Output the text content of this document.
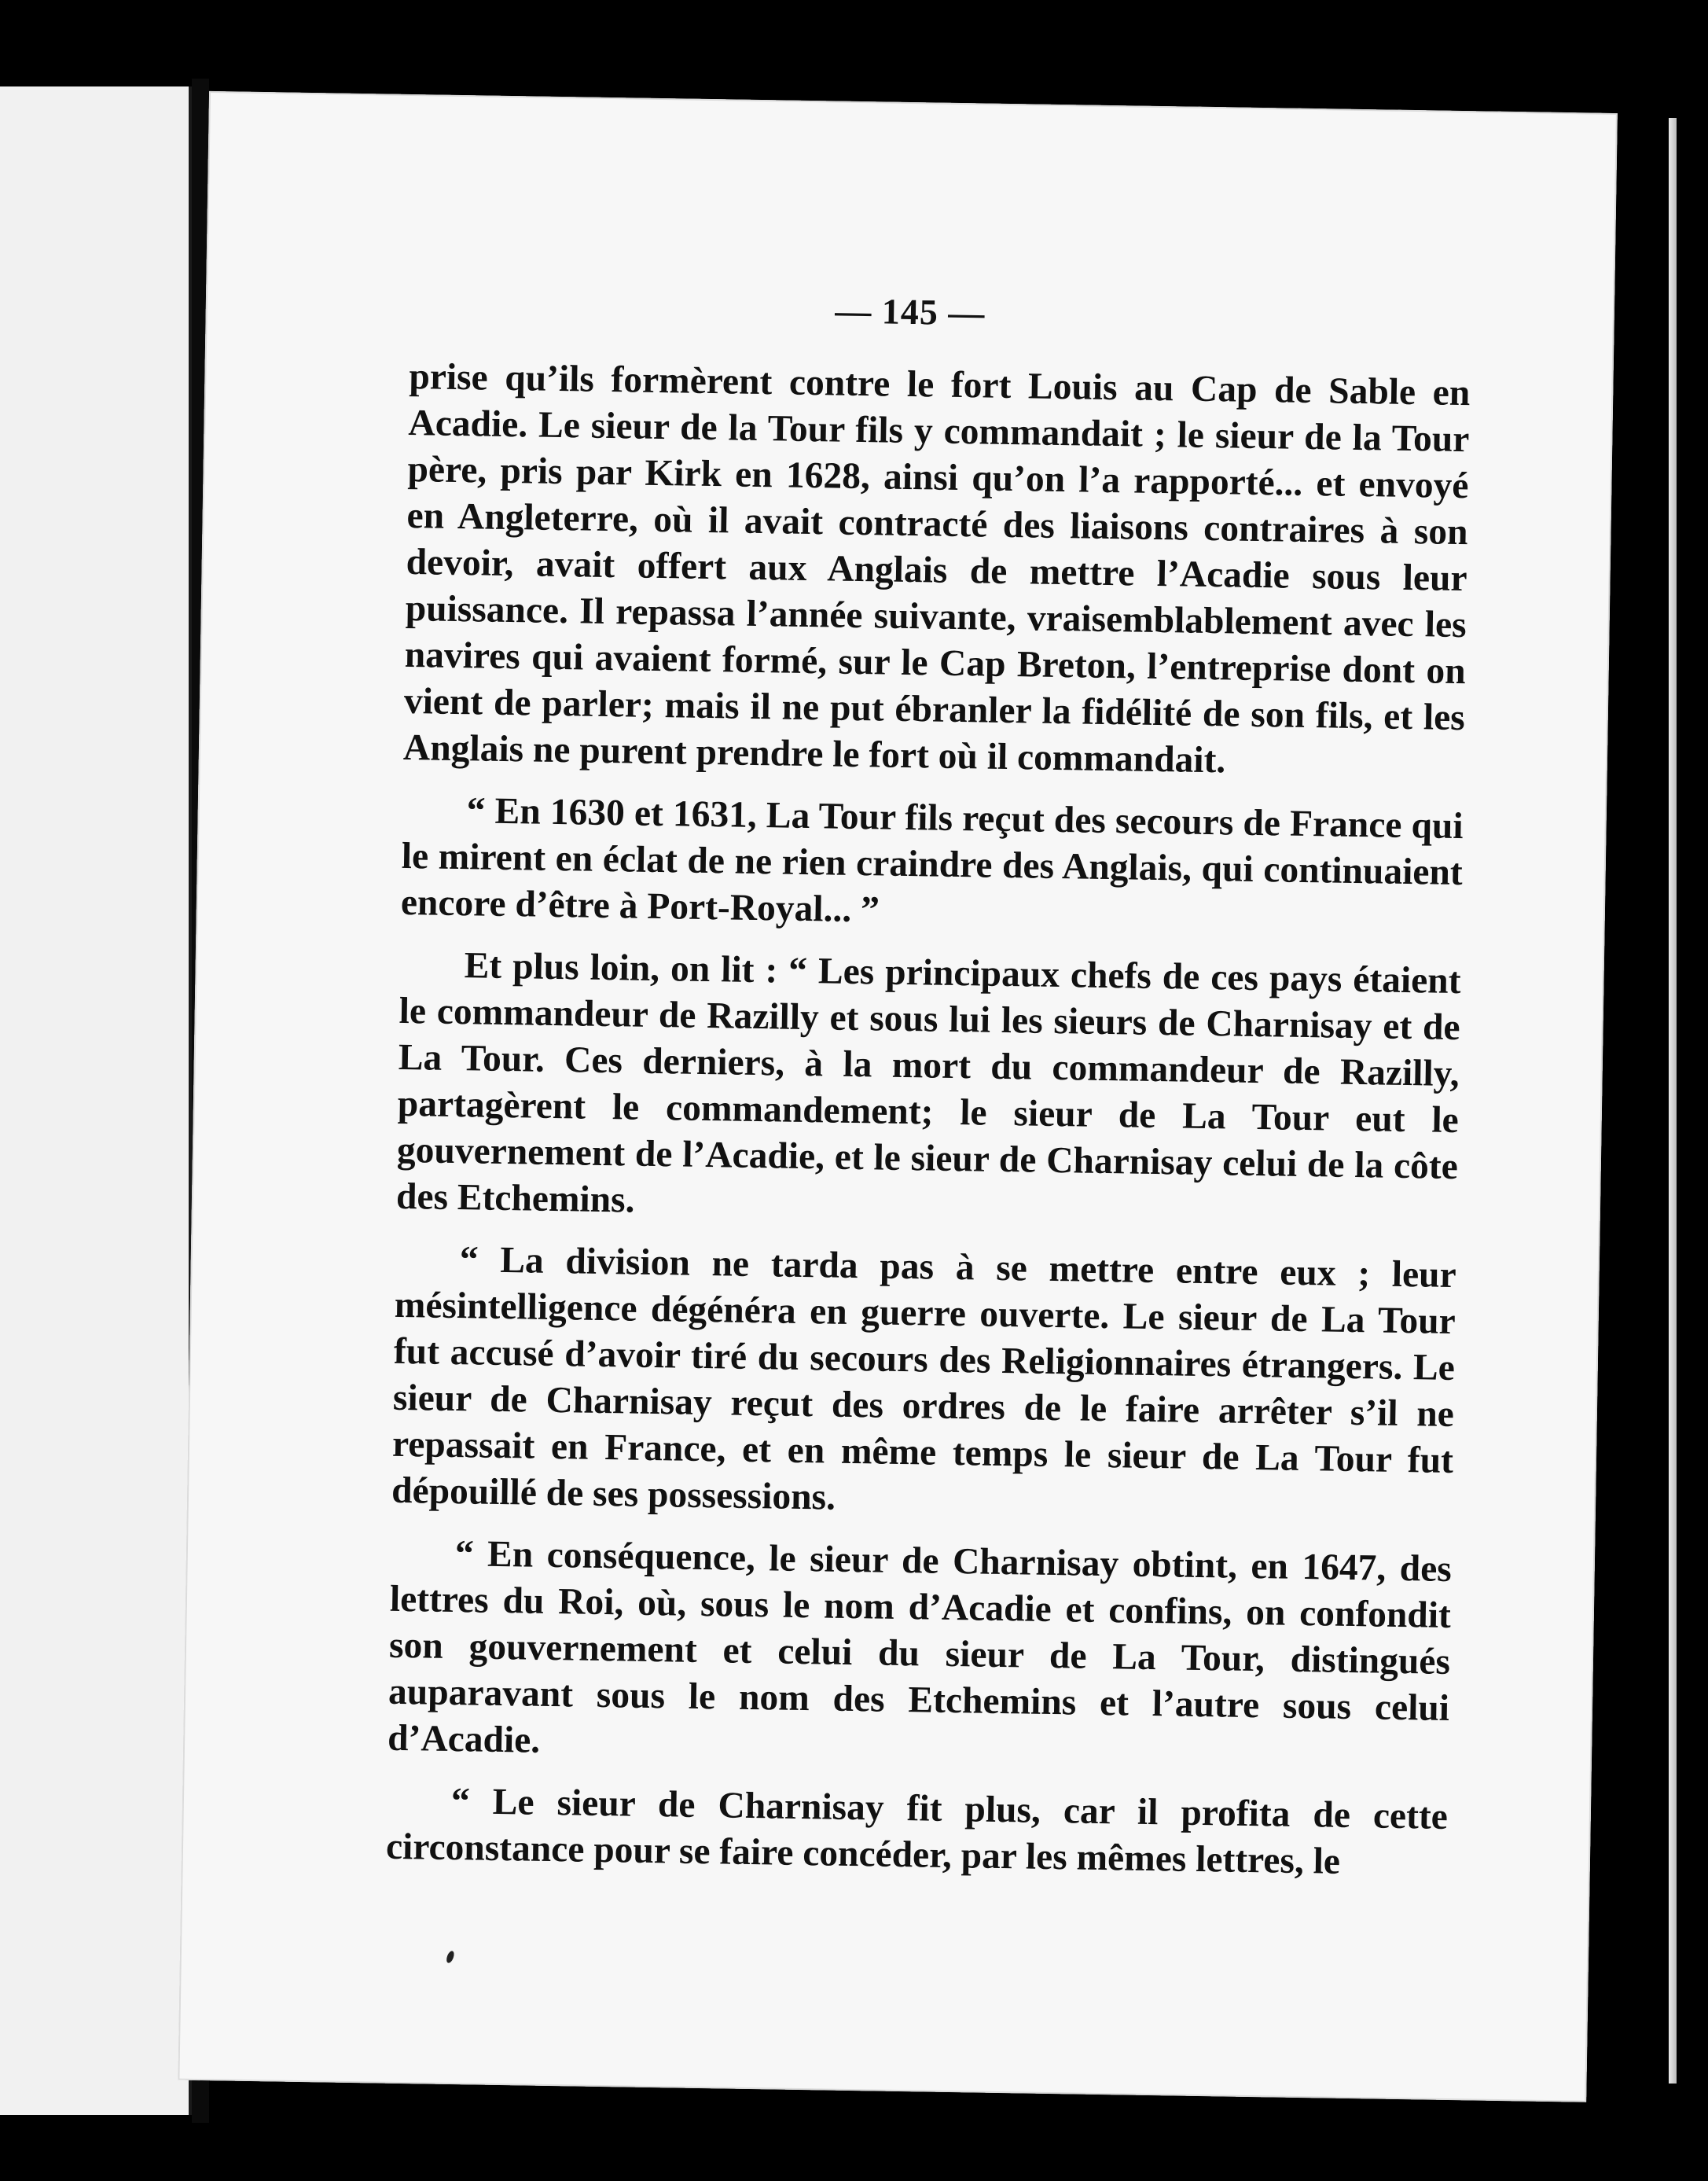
— 145 —

prise qu’ils formèrent contre le fort Louis au Cap de Sable en Acadie. Le sieur de la Tour fils y commandait ; le sieur de la Tour père, pris par Kirk en 1628, ainsi qu’on l’a rapporté... et envoyé en Angleterre, où il avait contracté des liaisons contraires à son devoir, avait offert aux Anglais de mettre l’Acadie sous leur puissance. Il repassa l’année suivante, vraisemblablement avec les navires qui avaient formé, sur le Cap Breton, l’entreprise dont on vient de parler; mais il ne put ébranler la fidélité de son fils, et les Anglais ne purent prendre le fort où il commandait.

“ En 1630 et 1631, La Tour fils reçut des secours de France qui le mirent en éclat de ne rien craindre des Anglais, qui continuaient encore d’être à Port-Royal... ”

Et plus loin, on lit : “ Les principaux chefs de ces pays étaient le commandeur de Razilly et sous lui les sieurs de Charnisay et de La Tour. Ces derniers, à la mort du commandeur de Razilly, partagèrent le commandement; le sieur de La Tour eut le gouvernement de l’Acadie, et le sieur de Charnisay celui de la côte des Etchemins.

“ La division ne tarda pas à se mettre entre eux ; leur mésintelligence dégénéra en guerre ouverte. Le sieur de La Tour fut accusé d’avoir tiré du secours des Religionnaires étrangers. Le sieur de Charnisay reçut des ordres de le faire arrêter s’il ne repassait en France, et en même temps le sieur de La Tour fut dépouillé de ses possessions.

“ En conséquence, le sieur de Charnisay obtint, en 1647, des lettres du Roi, où, sous le nom d’Acadie et confins, on confondit son gouvernement et celui du sieur de La Tour, distingués auparavant sous le nom des Etchemins et l’autre sous celui d’Acadie.

“ Le sieur de Charnisay fit plus, car il profita de cette circonstance pour se faire concéder, par les mêmes lettres, le
